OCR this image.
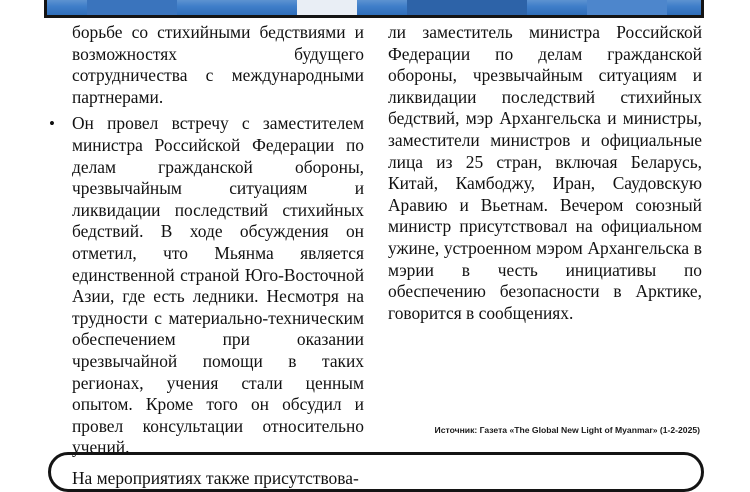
борьбе со стихийными бедствиями и возможностях будущего сотрудничества с международными партнерами.

• Он провел встречу с заместителем министра Российской Федерации по делам гражданской обороны, чрезвычайным ситуациям и ликвидации последствий стихийных бедствий. В ходе обсуждения он отметил, что Мьянма является единственной страной Юго-Восточной Азии, где есть ледники. Несмотря на трудности с материально-техническим обеспечением при оказании чрезвычайной помощи в таких регионах, учения стали ценным опытом. Кроме того он обсудил и провел консультации относительно учений.

На мероприятиях также присутствова-

ли заместитель министра Российской Федерации по делам гражданской обороны, чрезвычайным ситуациям и ликвидации последствий стихийных бедствий, мэр Архангельска и министры, заместители министров и официальные лица из 25 стран, включая Беларусь, Китай, Камбоджу, Иран, Саудовскую Аравию и Вьетнам. Вечером союзный министр присутствовал на официальном ужине, устроенном мэром Архангельска в мэрии в честь инициативы по обеспечению безопасности в Арктике, говорится в сообщениях.

Источник: Газета «The Global New Light of Myanmar» (1-2-2025)
